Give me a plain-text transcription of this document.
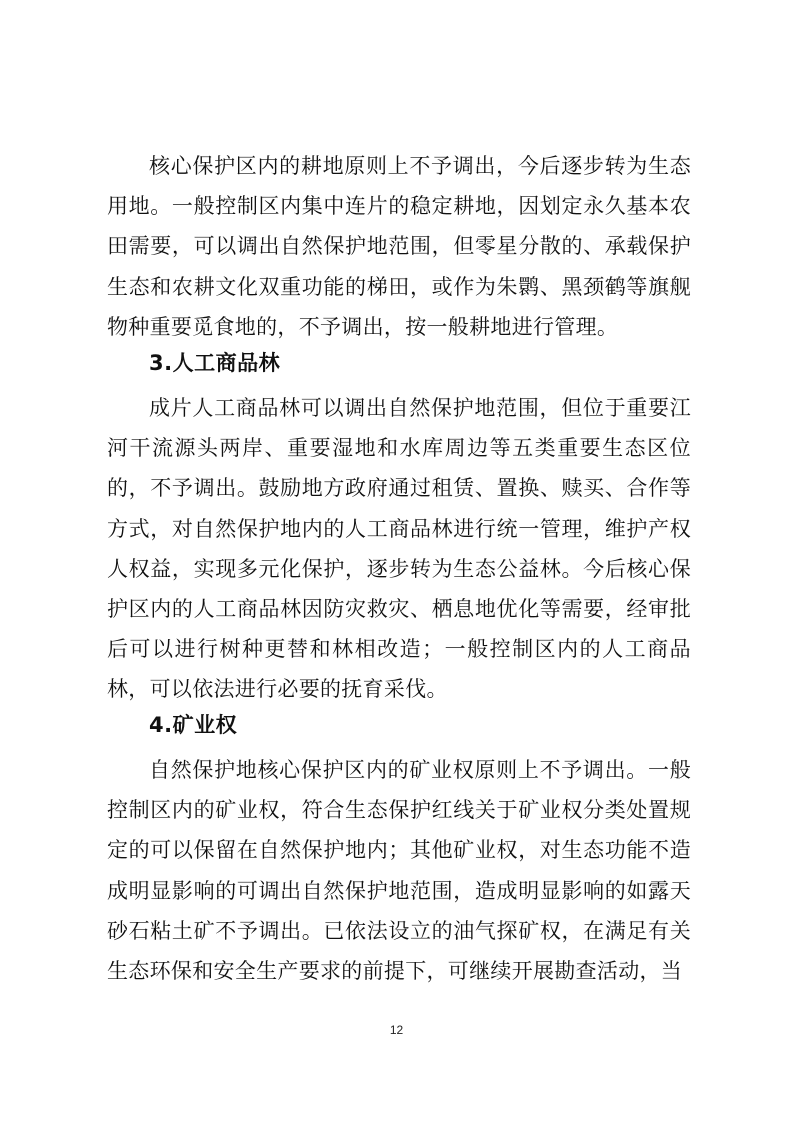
核心保护区内的耕地原则上不予调出，今后逐步转为生态用地。一般控制区内集中连片的稳定耕地，因划定永久基本农田需要，可以调出自然保护地范围，但零星分散的、承载保护生态和农耕文化双重功能的梯田，或作为朱鹮、黑颈鹤等旗舰物种重要觅食地的，不予调出，按一般耕地进行管理。

3.人工商品林

成片人工商品林可以调出自然保护地范围，但位于重要江河干流源头两岸、重要湿地和水库周边等五类重要生态区位的，不予调出。鼓励地方政府通过租赁、置换、赎买、合作等方式，对自然保护地内的人工商品林进行统一管理，维护产权人权益，实现多元化保护，逐步转为生态公益林。今后核心保护区内的人工商品林因防灾救灾、栖息地优化等需要，经审批后可以进行树种更替和林相改造；一般控制区内的人工商品林，可以依法进行必要的抚育采伐。

4.矿业权

自然保护地核心保护区内的矿业权原则上不予调出。一般控制区内的矿业权，符合生态保护红线关于矿业权分类处置规定的可以保留在自然保护地内；其他矿业权，对生态功能不造成明显影响的可调出自然保护地范围，造成明显影响的如露天砂石粘土矿不予调出。已依法设立的油气探矿权，在满足有关生态环保和安全生产要求的前提下，可继续开展勘查活动，当

12
